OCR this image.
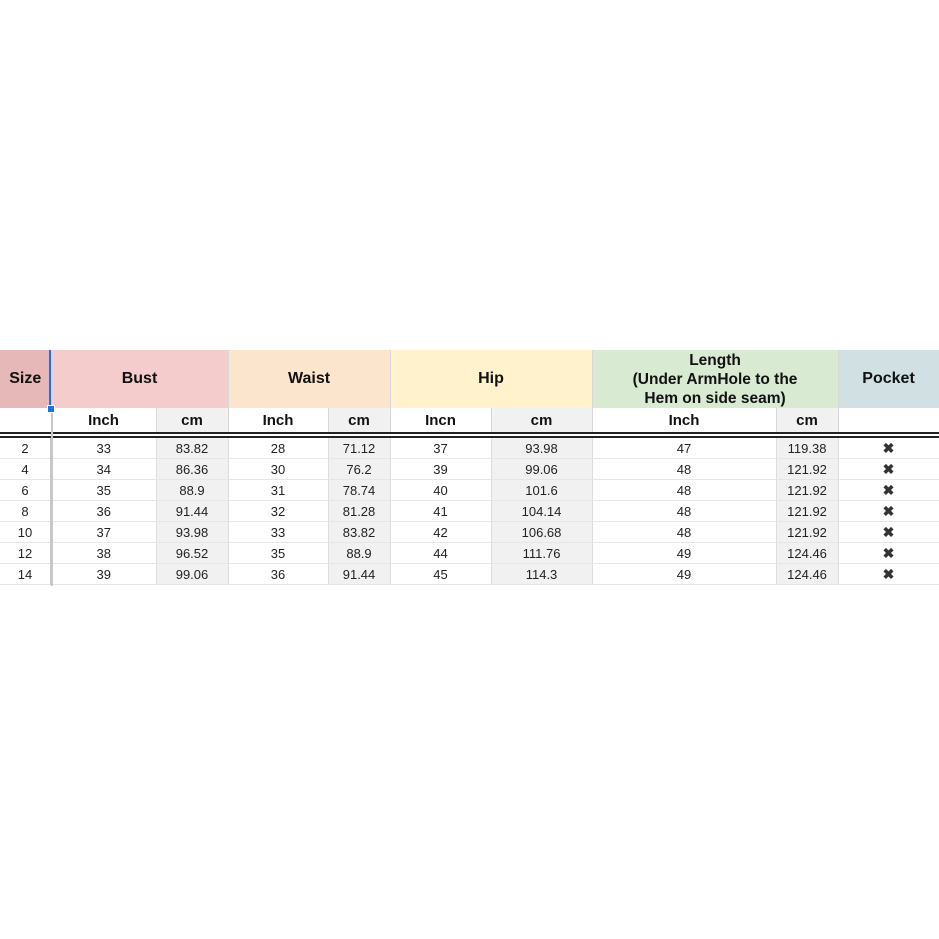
Size	Bust		Waist		Hip		Length
(Under ArmHole to the
Hem on side seam)		Pocket
	Inch	cm	Inch	cm	Incn	cm	Inch	cm	

2	33	83.82	28	71.12	37	93.98	47	119.38	✖
4	34	86.36	30	76.2	39	99.06	48	121.92	✖
6	35	88.9	31	78.74	40	101.6	48	121.92	✖
8	36	91.44	32	81.28	41	104.14	48	121.92	✖
10	37	93.98	33	83.82	42	106.68	48	121.92	✖
12	38	96.52	35	88.9	44	111.76	49	124.46	✖
14	39	99.06	36	91.44	45	114.3	49	124.46	✖
